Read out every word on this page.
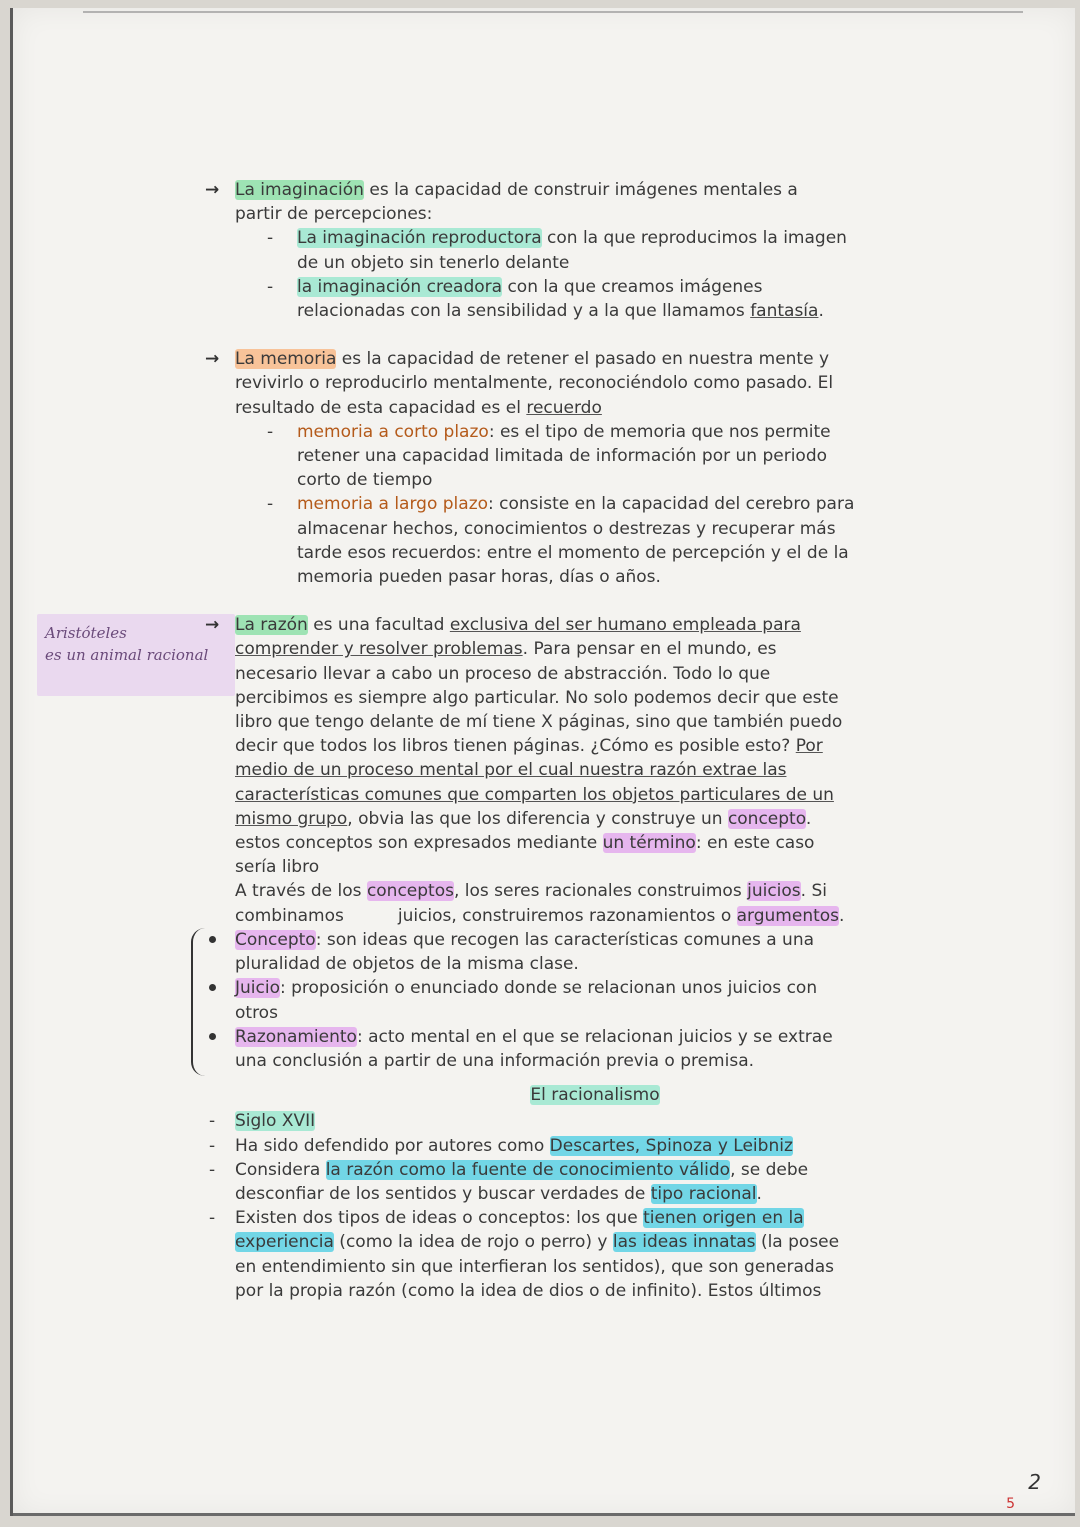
Aristóteles
es un animal racional
→ La imaginación es la capacidad de construir imágenes mentales a
partir de percepciones:
- La imaginación reproductora con la que reproducimos la imagen
de un objeto sin tenerlo delante
- la imaginación creadora con la que creamos imágenes
relacionadas con la sensibilidad y a la que llamamos fantasía.
→ La memoria es la capacidad de retener el pasado en nuestra mente y
revivirlo o reproducirlo mentalmente, reconociéndolo como pasado. El
resultado de esta capacidad es el recuerdo
- memoria a corto plazo: es el tipo de memoria que nos permite
retener una capacidad limitada de información por un periodo
corto de tiempo
- memoria a largo plazo: consiste en la capacidad del cerebro para
almacenar hechos, conocimientos o destrezas y recuperar más
tarde esos recuerdos: entre el momento de percepción y el de la
memoria pueden pasar horas, días o años.
→ La razón es una facultad exclusiva del ser humano empleada para
comprender y resolver problemas. Para pensar en el mundo, es
necesario llevar a cabo un proceso de abstracción. Todo lo que
percibimos es siempre algo particular. No solo podemos decir que este
libro que tengo delante de mí tiene X páginas, sino que también puedo
decir que todos los libros tienen páginas. ¿Cómo es posible esto? Por
medio de un proceso mental por el cual nuestra razón extrae las
características comunes que comparten los objetos particulares de un
mismo grupo, obvia las que los diferencia y construye un concepto.
estos conceptos son expresados mediante un término: en este caso
sería libro
A través de los conceptos, los seres racionales construimos juicios. Si
combinamos          juicios, construiremos razonamientos o argumentos.
Concepto: son ideas que recogen las características comunes a una
pluralidad de objetos de la misma clase.
Juicio: proposición o enunciado donde se relacionan unos juicios con
otros
Razonamiento: acto mental en el que se relacionan juicios y se extrae
una conclusión a partir de una información previa o premisa.
El racionalismo
- Siglo XVII
- Ha sido defendido por autores como Descartes, Spinoza y Leibniz
- Considera la razón como la fuente de conocimiento válido, se debe
desconfiar de los sentidos y buscar verdades de tipo racional.
- Existen dos tipos de ideas o conceptos: los que tienen origen en la
experiencia (como la idea de rojo o perro) y las ideas innatas (la posee
en entendimiento sin que interfieran los sentidos), que son generadas
por la propia razón (como la idea de dios o de infinito). Estos últimos
2
5
